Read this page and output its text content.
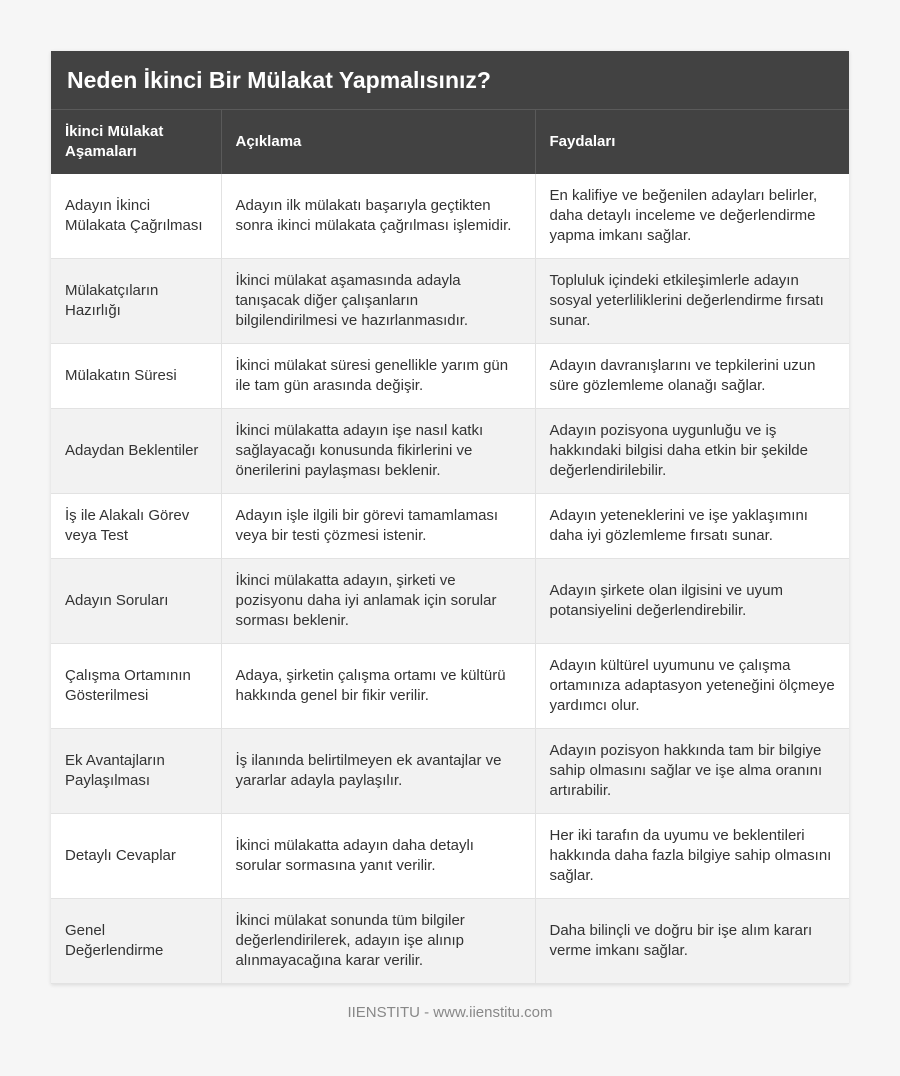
Neden İkinci Bir Mülakat Yapmalısınız?
İkinci Mülakat Aşamaları	Açıklama	Faydaları
Adayın İkinci Mülakata Çağrılması	Adayın ilk mülakatı başarıyla geçtikten sonra ikinci mülakata çağrılması işlemidir.	En kalifiye ve beğenilen adayları belirler, daha detaylı inceleme ve değerlendirme yapma imkanı sağlar.
Mülakatçıların Hazırlığı	İkinci mülakat aşamasında adayla tanışacak diğer çalışanların bilgilendirilmesi ve hazırlanmasıdır.	Topluluk içindeki etkileşimlerle adayın sosyal yeterliliklerini değerlendirme fırsatı sunar.
Mülakatın Süresi	İkinci mülakat süresi genellikle yarım gün ile tam gün arasında değişir.	Adayın davranışlarını ve tepkilerini uzun süre gözlemleme olanağı sağlar.
Adaydan Beklentiler	İkinci mülakatta adayın işe nasıl katkı sağlayacağı konusunda fikirlerini ve önerilerini paylaşması beklenir.	Adayın pozisyona uygunluğu ve iş hakkındaki bilgisi daha etkin bir şekilde değerlendirilebilir.
İş ile Alakalı Görev veya Test	Adayın işle ilgili bir görevi tamamlaması veya bir testi çözmesi istenir.	Adayın yeteneklerini ve işe yaklaşımını daha iyi gözlemleme fırsatı sunar.
Adayın Soruları	İkinci mülakatta adayın, şirketi ve pozisyonu daha iyi anlamak için sorular sorması beklenir.	Adayın şirkete olan ilgisini ve uyum potansiyelini değerlendirebilir.
Çalışma Ortamının Gösterilmesi	Adaya, şirketin çalışma ortamı ve kültürü hakkında genel bir fikir verilir.	Adayın kültürel uyumunu ve çalışma ortamınıza adaptasyon yeteneğini ölçmeye yardımcı olur.
Ek Avantajların Paylaşılması	İş ilanında belirtilmeyen ek avantajlar ve yararlar adayla paylaşılır.	Adayın pozisyon hakkında tam bir bilgiye sahip olmasını sağlar ve işe alma oranını artırabilir.
Detaylı Cevaplar	İkinci mülakatta adayın daha detaylı sorular sormasına yanıt verilir.	Her iki tarafın da uyumu ve beklentileri hakkında daha fazla bilgiye sahip olmasını sağlar.
Genel Değerlendirme	İkinci mülakat sonunda tüm bilgiler değerlendirilerek, adayın işe alınıp alınmayacağına karar verilir.	Daha bilinçli ve doğru bir işe alım kararı verme imkanı sağlar.
IIENSTITU - www.iienstitu.com
